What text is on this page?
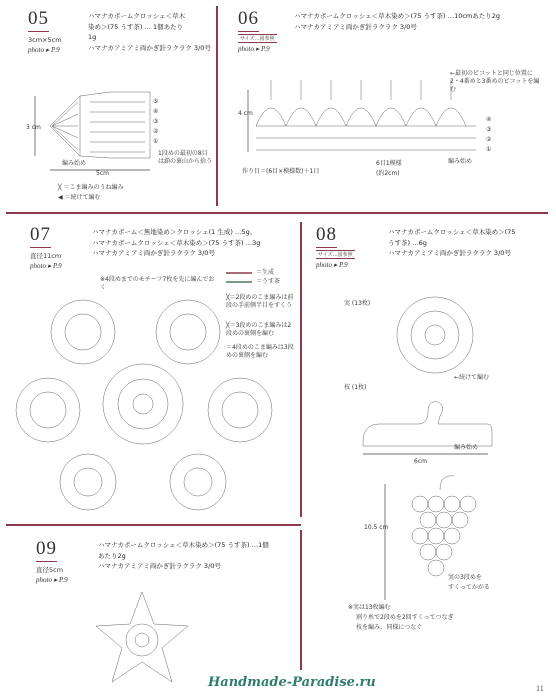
05
3cm×5cm
photo ▸ P.9
ハマナカボームクロッシェ＜草木
染め＞(75 うす茶) … 1個あたり
1g
ハマナカアミアミ両かぎ針ラクラク 3/0号
3 cm
5cm
編み始め
⑤
④
③
②
①
1段めの最初の8目は鎖の裏山から拾う
╳ ＝こま編みのうね編み
◀ ＝続けて編む
06
サイズ…図参照
photo ▸ P.9
ハマナカボームクロッシェ＜草木染め＞(75 うす茶) …10cmあたり2g
ハマナカアミアミ両かぎ針ラクラク 3/0号
4 cm
←最初のピコットと同じ位置に2・4番めと3番めのピコットを編む
④
③
②
①
編み始め
作り目＝(6目×模様数)＋1目
6目1模様
(約2cm)
07
直径11cm
photo ▸ P.9
ハマナカボーム＜無地染め＞クロッシェ(1 生成) …5g、
ハマナカボームクロッシェ＜草木染め＞(75 うす茶) …3g
ハマナカアミアミ両かぎ針ラクラク 3/0号
※4段めまでのモチーフ7枚を先に編んでおく
＝生成
＝うす茶
╳＝2段めのこま編みは前段の手前側半目をすくう
╳＝3段めのこま編みは2段めの裏側を編む
＝4段めのこま編みは3段めの裏側を編む
08
サイズ…図参照
photo ▸ P.9
ハマナカボームクロッシェ＜草木染め＞(75
うす茶) …6g
ハマナカアミアミ両かぎ針ラクラク 3/0号
実 (13枚)
←続けて編む
枝 (1枚)
編み始め
6cm
10.5 cm
実の3段めを
すくってかがる
※実は13枚編む
割り糸で2段めを2回すくってつなぎ
枝を編み、同様につなぐ
09
直径5cm
photo ▸ P.9
ハマナカボームクロッシェ＜草木染め＞(75 うす茶) …1個
あたり2g
ハマナカアミアミ両かぎ針ラクラク 3/0号
Handmade-Paradise.ru	11
